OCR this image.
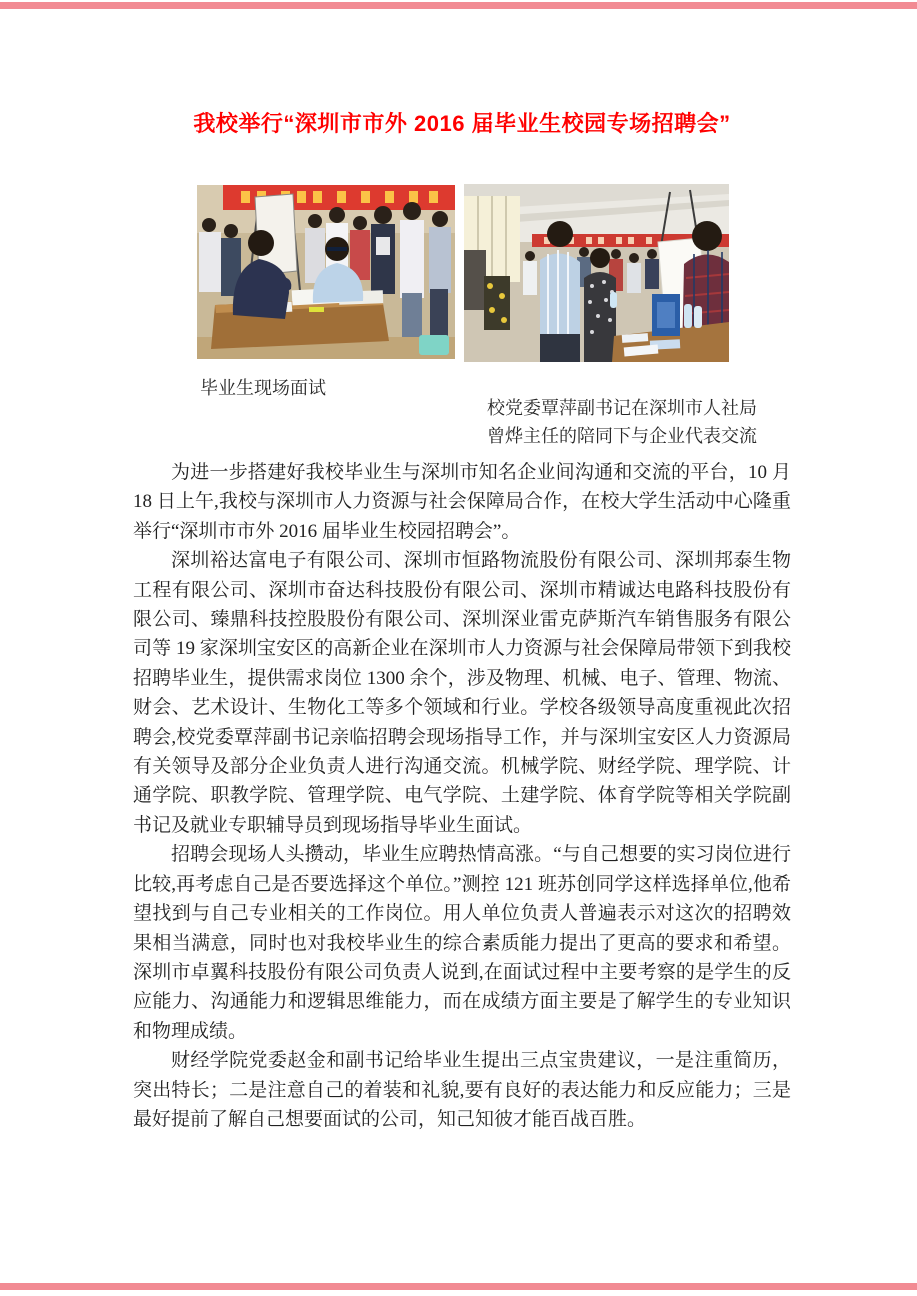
我校举行“深圳市市外 2016 届毕业生校园专场招聘会”
毕业生现场面试
校党委覃萍副书记在深圳市人社局
曾烨主任的陪同下与企业代表交流

为进一步搭建好我校毕业生与深圳市知名企业间沟通和交流的平台，10 月 18 日上午,我校与深圳市人力资源与社会保障局合作，在校大学生活动中心隆重举行“深圳市市外 2016 届毕业生校园招聘会”。

深圳裕达富电子有限公司、深圳市恒路物流股份有限公司、深圳邦泰生物工程有限公司、深圳市奋达科技股份有限公司、深圳市精诚达电路科技股份有限公司、臻鼎科技控股股份有限公司、深圳深业雷克萨斯汽车销售服务有限公司等 19 家深圳宝安区的高新企业在深圳市人力资源与社会保障局带领下到我校招聘毕业生，提供需求岗位 1300 余个，涉及物理、机械、电子、管理、物流、财会、艺术设计、生物化工等多个领域和行业。学校各级领导高度重视此次招聘会,校党委覃萍副书记亲临招聘会现场指导工作，并与深圳宝安区人力资源局有关领导及部分企业负责人进行沟通交流。机械学院、财经学院、理学院、计通学院、职教学院、管理学院、电气学院、土建学院、体育学院等相关学院副书记及就业专职辅导员到现场指导毕业生面试。

招聘会现场人头攒动，毕业生应聘热情高涨。“与自己想要的实习岗位进行比较,再考虑自己是否要选择这个单位。”测控 121 班苏创同学这样选择单位,他希望找到与自己专业相关的工作岗位。用人单位负责人普遍表示对这次的招聘效果相当满意，同时也对我校毕业生的综合素质能力提出了更高的要求和希望。深圳市卓翼科技股份有限公司负责人说到,在面试过程中主要考察的是学生的反应能力、沟通能力和逻辑思维能力，而在成绩方面主要是了解学生的专业知识和物理成绩。

财经学院党委赵金和副书记给毕业生提出三点宝贵建议，一是注重简历，突出特长；二是注意自己的着装和礼貌,要有良好的表达能力和反应能力；三是最好提前了解自己想要面试的公司，知己知彼才能百战百胜。
